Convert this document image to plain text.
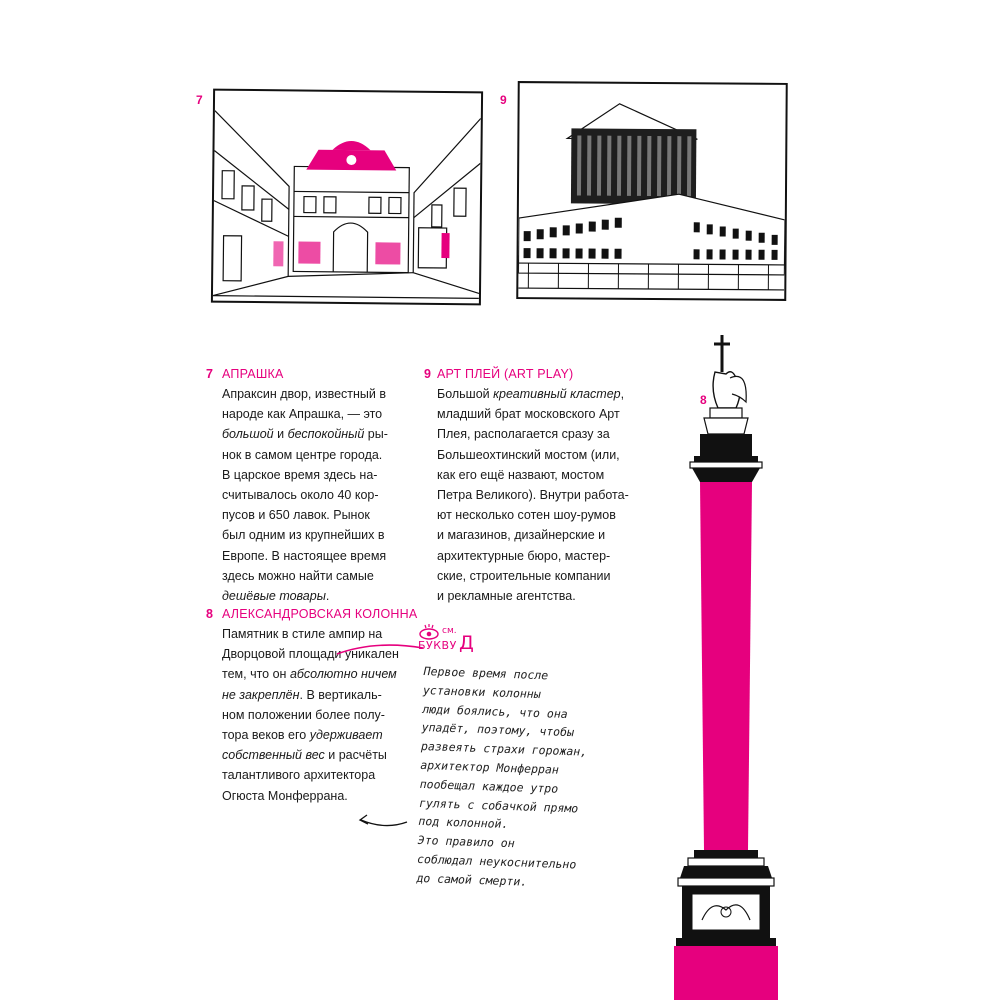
7	9
8
7 АПРАШКА
Апраксин двор, известный в
народе как Апрашка, — это
большой и беспокойный ры-
нок в самом центре города.
В царское время здесь на-
считывалось около 40 кор-
пусов и 650 лавок. Рынок
был одним из крупнейших в
Европе. В настоящее время
здесь можно найти самые
дешёвые товары.
9 АРТ ПЛЕЙ (ART PLAY)
Большой креативный кластер,
младший брат московского Арт
Плея, располагается сразу за
Большеохтинский мостом (или,
как его ещё назвают, мостом
Петра Великого). Внутри работа-
ют несколько сотен шоу-румов
и магазинов, дизайнерские и
архитектурные бюро, мастер-
ские, строительные компании
и рекламные агентства.
8 АЛЕКСАНДРОВСКАЯ КОЛОННА
Памятник в стиле ампир на
Дворцовой площади уникален
тем, что он абсолютно ничем
не закреплён. В вертикаль-
ном положении более полу-
тора веков его удерживает
собственный вес и расчёты
талантливого архитектора
Огюста Монферрана.
см.
БУКВУ Д
Первое время после
установки колонны
люди боялись, что она
упадёт, поэтому, чтобы
развеять страхи горожан,
архитектор Монферран
пообещал каждое утро
гулять с собачкой прямо
под колонной.
Это правило он
соблюдал неукоснительно
до самой смерти.
